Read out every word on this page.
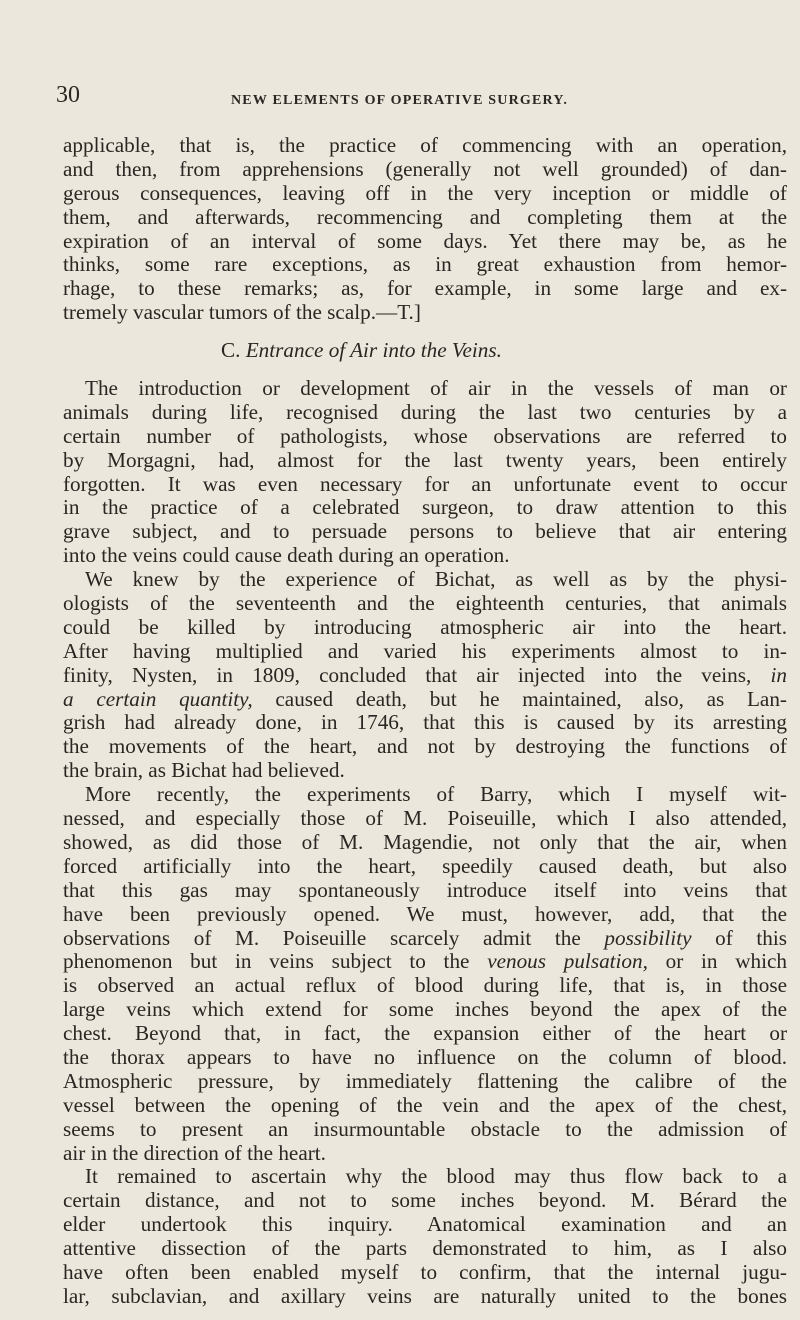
30	NEW ELEMENTS OF OPERATIVE SURGERY.
applicable, that is, the practice of commencing with an operation,
and then, from apprehensions (generally not well grounded) of dan-
gerous consequences, leaving off in the very inception or middle of
them, and afterwards, recommencing and completing them at the
expiration of an interval of some days. Yet there may be, as he
thinks, some rare exceptions, as in great exhaustion from hemor-
rhage, to these remarks; as, for example, in some large and ex-
tremely vascular tumors of the scalp.—T.]
C. Entrance of Air into the Veins.
The introduction or development of air in the vessels of man or
animals during life, recognised during the last two centuries by a
certain number of pathologists, whose observations are referred to
by Morgagni, had, almost for the last twenty years, been entirely
forgotten. It was even necessary for an unfortunate event to occur
in the practice of a celebrated surgeon, to draw attention to this
grave subject, and to persuade persons to believe that air entering
into the veins could cause death during an operation.
We knew by the experience of Bichat, as well as by the physi-
ologists of the seventeenth and the eighteenth centuries, that animals
could be killed by introducing atmospheric air into the heart.
After having multiplied and varied his experiments almost to in-
finity, Nysten, in 1809, concluded that air injected into the veins, in
a certain quantity, caused death, but he maintained, also, as Lan-
grish had already done, in 1746, that this is caused by its arresting
the movements of the heart, and not by destroying the functions of
the brain, as Bichat had believed.
More recently, the experiments of Barry, which I myself wit-
nessed, and especially those of M. Poiseuille, which I also attended,
showed, as did those of M. Magendie, not only that the air, when
forced artificially into the heart, speedily caused death, but also
that this gas may spontaneously introduce itself into veins that
have been previously opened. We must, however, add, that the
observations of M. Poiseuille scarcely admit the possibility of this
phenomenon but in veins subject to the venous pulsation, or in which
is observed an actual reflux of blood during life, that is, in those
large veins which extend for some inches beyond the apex of the
chest. Beyond that, in fact, the expansion either of the heart or
the thorax appears to have no influence on the column of blood.
Atmospheric pressure, by immediately flattening the calibre of the
vessel between the opening of the vein and the apex of the chest,
seems to present an insurmountable obstacle to the admission of
air in the direction of the heart.
It remained to ascertain why the blood may thus flow back to a
certain distance, and not to some inches beyond. M. Bérard the
elder undertook this inquiry. Anatomical examination and an
attentive dissection of the parts demonstrated to him, as I also
have often been enabled myself to confirm, that the internal jugu-
lar, subclavian, and axillary veins are naturally united to the bones
